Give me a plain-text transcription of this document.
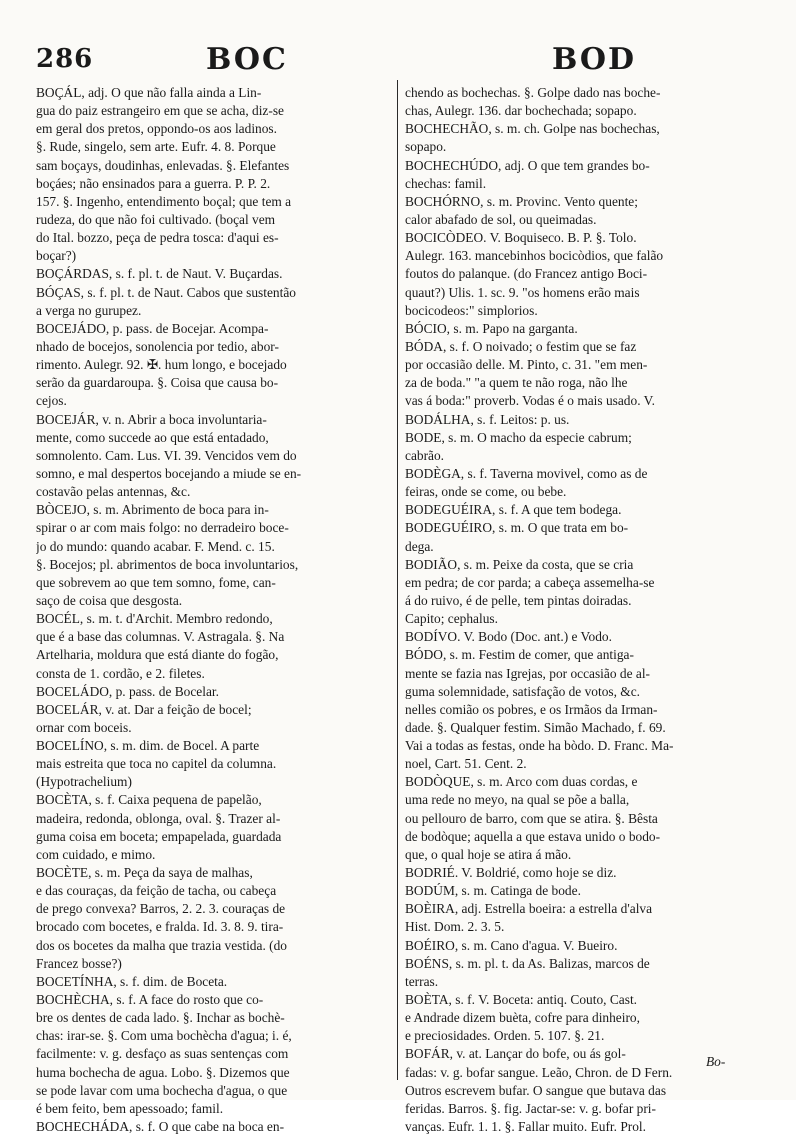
286	BOC	BOD
BOÇÁL, adj. O que não falla ainda a Lin-
gua do paiz estrangeiro em que se acha, diz-se
em geral dos pretos, oppondo-os aos ladinos.
§. Rude, singelo, sem arte. Eufr. 4. 8. Porque
sam boçays, doudinhas, enlevadas. §. Elefantes
boçáes; não ensinados para a guerra. P. P. 2.
157. §. Ingenho, entendimento boçal; que tem a
rudeza, do que não foi cultivado. (boçal vem
do Ital. bozzo, peça de pedra tosca: d'aqui es-
boçar?)
BOÇÁRDAS, s. f. pl. t. de Naut. V. Buçardas.
BÓÇAS, s. f. pl. t. de Naut. Cabos que sustentão
a verga no gurupez.
BOCEJÁDO, p. pass. de Bocejar. Acompa-
nhado de bocejos, sonolencia por tedio, abor-
rimento. Aulegr. 92. ✠. hum longo, e bocejado
serão da guardaroupa. §. Coisa que causa bo-
cejos.
BOCEJÁR, v. n. Abrir a boca involuntaria-
mente, como succede ao que está entadado,
somnolento. Cam. Lus. VI. 39. Vencidos vem do
somno, e mal despertos bocejando a miude se en-
costavão pelas antennas, &c.
BÒCEJO, s. m. Abrimento de boca para in-
spirar o ar com mais folgo: no derradeiro boce-
jo do mundo: quando acabar. F. Mend. c. 15.
§. Bocejos; pl. abrimentos de boca involuntarios,
que sobrevem ao que tem somno, fome, can-
saço de coisa que desgosta.
BOCÉL, s. m. t. d'Archit. Membro redondo,
que é a base das columnas. V. Astragala. §. Na
Artelharia, moldura que está diante do fogão,
consta de 1. cordão, e 2. filetes.
BOCELÁDO, p. pass. de Bocelar.
BOCELÁR, v. at. Dar a feição de bocel;
ornar com boceis.
BOCELÍNO, s. m. dim. de Bocel. A parte
mais estreita que toca no capitel da columna.
(Hypotrachelium)
BOCÈTA, s. f. Caixa pequena de papelão,
madeira, redonda, oblonga, oval. §. Trazer al-
guma coisa em boceta; empapelada, guardada
com cuidado, e mimo.
BOCÈTE, s. m. Peça da saya de malhas,
e das couraças, da feição de tacha, ou cabeça
de prego convexa? Barros, 2. 2. 3. couraças de
brocado com bocetes, e fralda. Id. 3. 8. 9. tira-
dos os bocetes da malha que trazia vestida. (do
Francez bosse?)
BOCETÍNHA, s. f. dim. de Boceta.
BOCHÈCHA, s. f. A face do rosto que co-
bre os dentes de cada lado. §. Inchar as bochè-
chas: irar-se. §. Com uma bochècha d'agua; i. é,
facilmente: v. g. desfaço as suas sentenças com
huma bochecha de agua. Lobo. §. Dizemos que
se pode lavar com uma bochecha d'agua, o que
é bem feito, bem apessoado; famil.
BOCHECHÁDA, s. f. O que cabe na boca en-
chendo as bochechas. §. Golpe dado nas boche-
chas, Aulegr. 136. dar bochechada; sopapo.
BOCHECHÃO, s. m. ch. Golpe nas bochechas,
sopapo.
BOCHECHÚDO, adj. O que tem grandes bo-
chechas: famil.
BOCHÓRNO, s. m. Provinc. Vento quente;
calor abafado de sol, ou queimadas.
BOCICÒDEO. V. Boquiseco. B. P. §. Tolo.
Aulegr. 163. mancebinhos bocicòdios, que falão
foutos do palanque. (do Francez antigo Boci-
quaut?) Ulis. 1. sc. 9. "os homens erão mais
bocicodeos:" simplorios.
BÓCIO, s. m. Papo na garganta.
BÓDA, s. f. O noivado; o festim que se faz
por occasião delle. M. Pinto, c. 31. "em men-
za de boda." "a quem te não roga, não lhe
vas á boda:" proverb. Vodas é o mais usado. V.
BODÁLHA, s. f. Leitos: p. us.
BODE, s. m. O macho da especie cabrum;
cabrão.
BODÈGA, s. f. Taverna movivel, como as de
feiras, onde se come, ou bebe.
BODEGUÉIRA, s. f. A que tem bodega.
BODEGUÉIRO, s. m. O que trata em bo-
dega.
BODIÃO, s. m. Peixe da costa, que se cria
em pedra; de cor parda; a cabeça assemelha-se
á do ruivo, é de pelle, tem pintas doiradas.
Capito; cephalus.
BODÍVO. V. Bodo (Doc. ant.) e Vodo.
BÓDO, s. m. Festim de comer, que antiga-
mente se fazia nas Igrejas, por occasião de al-
guma solemnidade, satisfação de votos, &c.
nelles comião os pobres, e os Irmãos da Irman-
dade. §. Qualquer festim. Simão Machado, f. 69.
Vai a todas as festas, onde ha bòdo. D. Franc. Ma-
noel, Cart. 51. Cent. 2.
BODÒQUE, s. m. Arco com duas cordas, e
uma rede no meyo, na qual se põe a balla,
ou pellouro de barro, com que se atira. §. Bêsta
de bodòque; aquella a que estava unido o bodo-
que, o qual hoje se atira á mão.
BODRIÉ. V. Boldrié, como hoje se diz.
BODÚM, s. m. Catinga de bode.
BOÈIRA, adj. Estrella boeira: a estrella d'alva
Hist. Dom. 2. 3. 5.
BOÉIRO, s. m. Cano d'agua. V. Bueiro.
BOÉNS, s. m. pl. t. da As. Balizas, marcos de
terras.
BOÈTA, s. f. V. Boceta: antiq. Couto, Cast.
e Andrade dizem buèta, cofre para dinheiro,
e preciosidades. Orden. 5. 107. §. 21.
BOFÁR, v. at. Lançar do bofe, ou ás gol-
fadas: v. g. bofar sangue. Leão, Chron. de D Fern.
Outros escrevem bufar. O sangue que butava das
feridas. Barros. §. fig. Jactar-se: v. g. bofar pri-
vanças. Eufr. 1. 1. §. Fallar muito. Eufr. Prol.
Bo-
